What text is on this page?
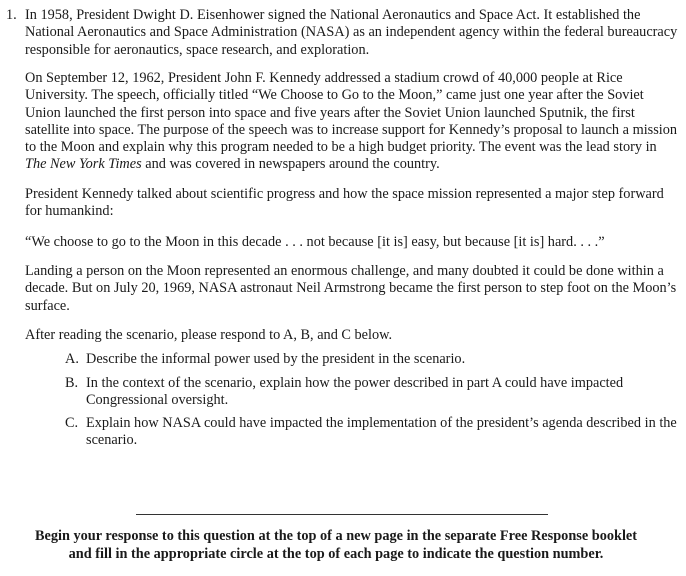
1. In 1958, President Dwight D. Eisenhower signed the National Aeronautics and Space Act. It established the National Aeronautics and Space Administration (NASA) as an independent agency within the federal bureaucracy responsible for aeronautics, space research, and exploration.

On September 12, 1962, President John F. Kennedy addressed a stadium crowd of 40,000 people at Rice University. The speech, officially titled “We Choose to Go to the Moon,” came just one year after the Soviet Union launched the first person into space and five years after the Soviet Union launched Sputnik, the first satellite into space. The purpose of the speech was to increase support for Kennedy’s proposal to launch a mission to the Moon and explain why this program needed to be a high budget priority. The event was the lead story in The New York Times and was covered in newspapers around the country.

President Kennedy talked about scientific progress and how the space mission represented a major step forward for humankind:

“We choose to go to the Moon in this decade . . . not because [it is] easy, but because [it is] hard. . . .”

Landing a person on the Moon represented an enormous challenge, and many doubted it could be done within a decade. But on July 20, 1969, NASA astronaut Neil Armstrong became the first person to step foot on the Moon’s surface.

After reading the scenario, please respond to A, B, and C below.

A. Describe the informal power used by the president in the scenario.
B. In the context of the scenario, explain how the power described in part A could have impacted Congressional oversight.
C. Explain how NASA could have impacted the implementation of the president’s agenda described in the scenario.
Begin your response to this question at the top of a new page in the separate Free Response booklet
and fill in the appropriate circle at the top of each page to indicate the question number.
